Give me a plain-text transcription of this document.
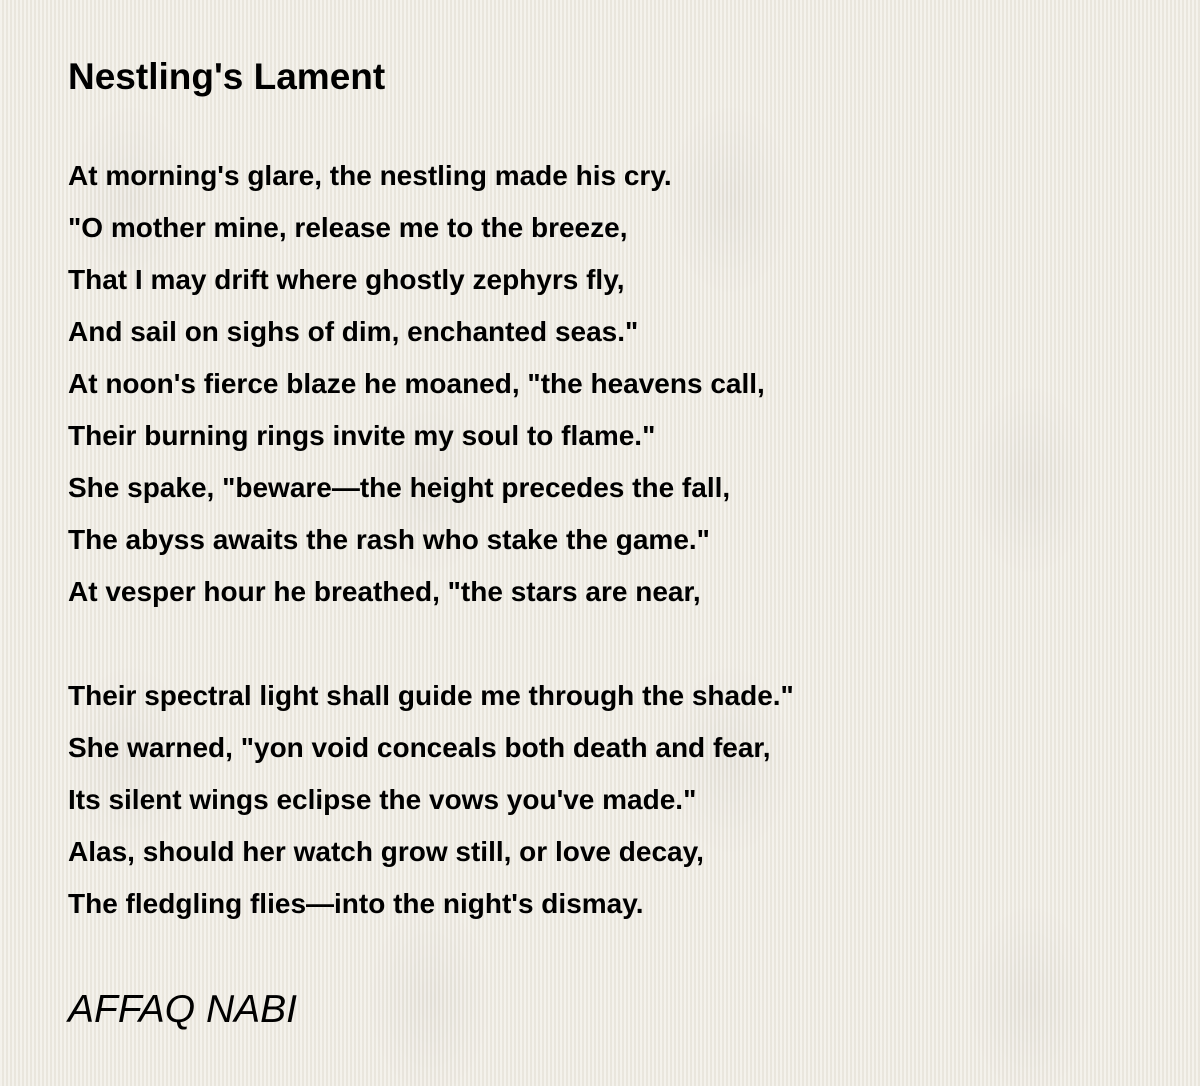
Nestling's Lament
At morning's glare, the nestling made his cry.
"O mother mine, release me to the breeze,
That I may drift where ghostly zephyrs fly,
And sail on sighs of dim, enchanted seas."
At noon's fierce blaze he moaned, "the heavens call,
Their burning rings invite my soul to flame."
She spake, "beware—the height precedes the fall,
The abyss awaits the rash who stake the game."
At vesper hour he breathed, "the stars are near,
Their spectral light shall guide me through the shade."
She warned, "yon void conceals both death and fear,
Its silent wings eclipse the vows you've made."
Alas, should her watch grow still, or love decay,
The fledgling flies—into the night's dismay.
AFFAQ NABI
